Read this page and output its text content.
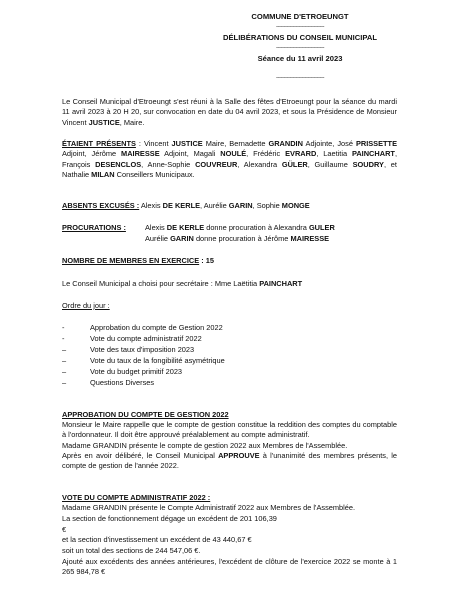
COMMUNE D'ETROEUNGT
--------------------------------
DÉLIBÉRATIONS DU CONSEIL MUNICIPAL
--------------------------------
Séance du 11 avril 2023
--------------------------------
Le Conseil Municipal d'Etroeungt s'est réuni à la Salle des fêtes d'Etroeungt pour la séance du mardi 11 avril 2023 à 20 H 20, sur convocation en date du 04 avril 2023, et sous la Présidence de Monsieur Vincent JUSTICE, Maire.
ÉTAIENT PRÉSENTS : Vincent JUSTICE Maire, Bernadette GRANDIN Adjointe, José PRISSETTE Adjoint, Jérôme MAIRESSE Adjoint, Magali NOULÉ, Frédéric EVRARD, Laetitia PAINCHART, François DESENCLOS, Anne-Sophie COUVREUR, Alexandra GÜLER, Guillaume SOUDRY, et Nathalie MILAN Conseillers Municipaux.
ABSENTS EXCUSÉS : Alexis DE KERLE, Aurélie GARIN, Sophie MONGE
PROCURATIONS :	Alexis DE KERLE donne procuration à Alexandra GULER
Aurélie GARIN donne procuration à Jérôme MAIRESSE
NOMBRE DE MEMBRES EN EXERCICE : 15
Le Conseil Municipal a choisi pour secrétaire : Mme Laëtitia PAINCHART
Ordre du jour :
-	Approbation du compte de Gestion 2022
-	Vote du compte administratif 2022
–	Vote des taux d'imposition 2023
–	Vote du taux de la fongibilité asymétrique
–	Vote du budget primitif 2023
–	Questions Diverses
APPROBATION DU COMPTE DE GESTION 2022
Monsieur le Maire rappelle que le compte de gestion constitue la reddition des comptes du comptable à l'ordonnateur. Il doit être approuvé préalablement au compte administratif.
Madame GRANDIN présente le compte de gestion 2022 aux Membres de l'Assemblée.
Après en avoir délibéré, le Conseil Municipal APPROUVE à l'unanimité des membres présents, le compte de gestion de l'année 2022.
VOTE DU COMPTE ADMINISTRATIF 2022 :
Madame GRANDIN présente le Compte Administratif 2022 aux Membres de l'Assemblée.
La section de fonctionnement dégage un excédent de 201 106,39
€
et la section d'investissement un excédent de 43 440,67 €
soit un total des sections de 244 547,06 €.
Ajouté aux excédents des années antérieures, l'excédent de clôture de l'exercice 2022 se monte à 1 265 984,78 €
